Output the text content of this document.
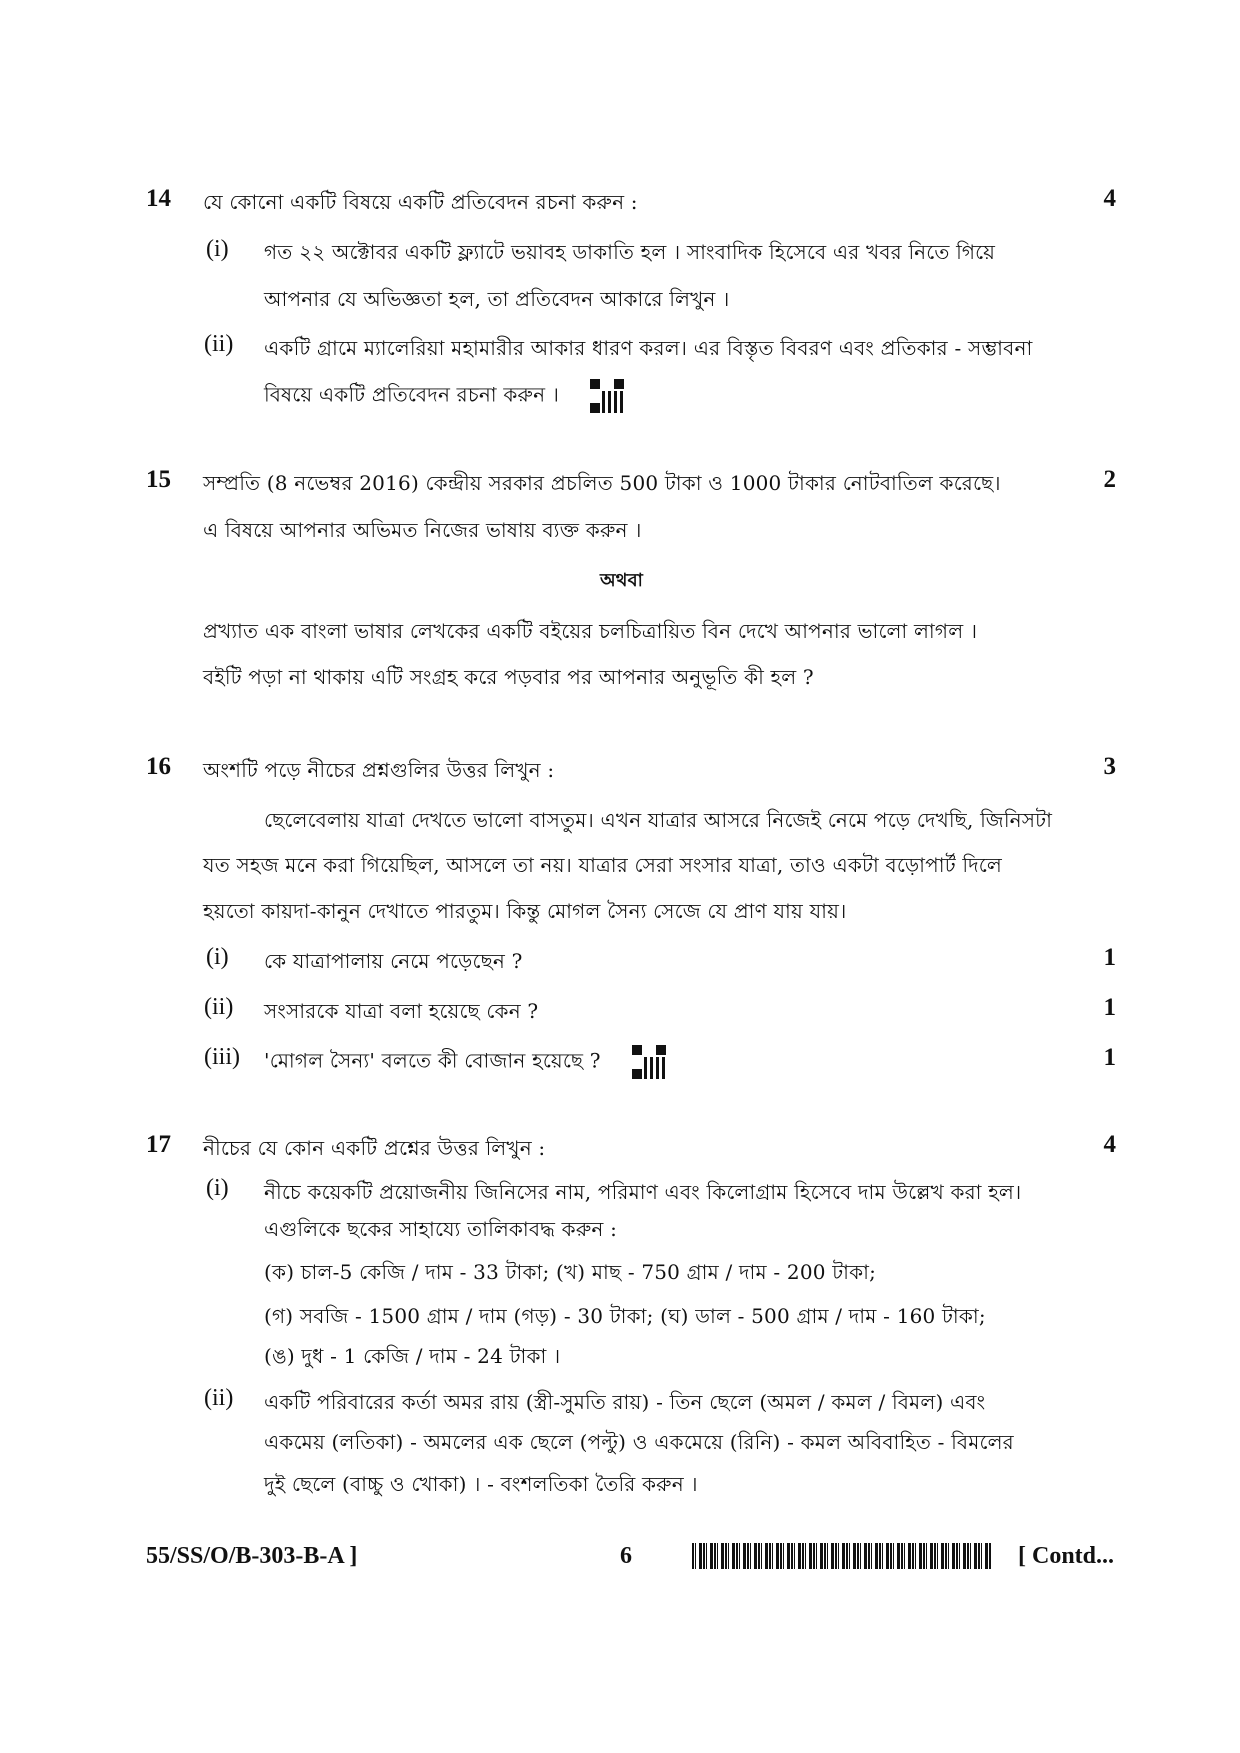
14 যে কোনো একটি বিষয়ে একটি প্রতিবেদন রচনা করুন :	4
(i) গত ২২ অক্টোবর একটি ফ্ল্যাটে ভয়াবহ ডাকাতি হল । সাংবাদিক হিসেবে এর খবর নিতে গিয়ে
আপনার যে অভিজ্ঞতা হল, তা প্রতিবেদন আকারে লিখুন ।
(ii) একটি গ্রামে ম্যালেরিয়া মহামারীর আকার ধারণ করল। এর বিস্তৃত বিবরণ এবং প্রতিকার - সম্ভাবনা
বিষয়ে একটি প্রতিবেদন রচনা করুন ।
15 সম্প্রতি (8 নভেম্বর 2016) কেন্দ্রীয় সরকার প্রচলিত 500 টাকা ও 1000 টাকার নোটবাতিল করেছে।	2
এ বিষয়ে আপনার অভিমত নিজের ভাষায় ব্যক্ত করুন ।
অথবা
প্রখ্যাত এক বাংলা ভাষার লেখকের একটি বইয়ের চলচিত্রায়িত বিন দেখে আপনার ভালো লাগল ।
বইটি পড়া না থাকায় এটি সংগ্রহ করে পড়বার পর আপনার অনুভূতি কী হল ?
16 অংশটি পড়ে নীচের প্রশ্নগুলির উত্তর লিখুন :	3
ছেলেবেলায় যাত্রা দেখতে ভালো বাসতুম। এখন যাত্রার আসরে নিজেই নেমে পড়ে দেখছি, জিনিসটা
যত সহজ মনে করা গিয়েছিল, আসলে তা নয়। যাত্রার সেরা সংসার যাত্রা, তাও একটা বড়োপার্ট দিলে
হয়তো কায়দা-কানুন দেখাতে পারতুম। কিন্তু মোগল সৈন্য সেজে যে প্রাণ যায় যায়।
(i) কে যাত্রাপালায় নেমে পড়েছেন ?	1
(ii) সংসারকে যাত্রা বলা হয়েছে কেন ?	1
(iii) 'মোগল সৈন্য' বলতে কী বোজান হয়েছে ?	1
17 নীচের যে কোন একটি প্রশ্নের উত্তর লিখুন :	4
(i) নীচে কয়েকটি প্রয়োজনীয় জিনিসের নাম, পরিমাণ এবং কিলোগ্রাম হিসেবে দাম উল্লেখ করা হল।
এগুলিকে ছকের সাহায্যে তালিকাবদ্ধ করুন :
(ক) চাল-5 কেজি / দাম - 33 টাকা; (খ) মাছ - 750 গ্রাম / দাম - 200 টাকা;
(গ) সবজি - 1500 গ্রাম / দাম (গড়) - 30 টাকা; (ঘ) ডাল - 500 গ্রাম / দাম - 160 টাকা;
(ঙ) দুধ - 1 কেজি / দাম - 24 টাকা ।
(ii) একটি পরিবারের কর্তা অমর রায় (স্ত্রী-সুমতি রায়) - তিন ছেলে (অমল / কমল / বিমল) এবং
একমেয় (লতিকা) - অমলের এক ছেলে (পল্টু) ও একমেয়ে (রিনি) - কমল অবিবাহিত - বিমলের
দুই ছেলে (বাচ্চু ও খোকা) । - বংশলতিকা তৈরি করুন ।
55/SS/O/B-303-B-A ]	6	[ Contd...
